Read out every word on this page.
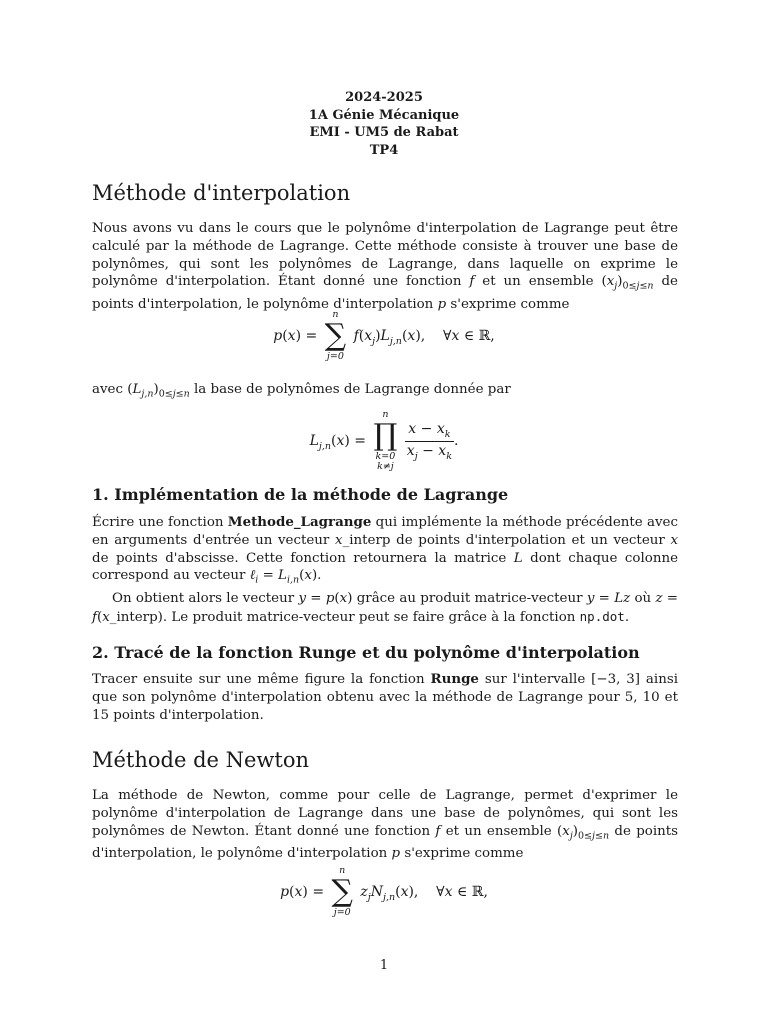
2024-2025
1A Génie Mécanique
EMI - UM5 de Rabat
TP4
Méthode d'interpolation

Nous avons vu dans le cours que le polynôme d'interpolation de Lagrange peut être calculé par la méthode de Lagrange. Cette méthode consiste à trouver une base de polynômes, qui sont les polynômes de Lagrange, dans laquelle on exprime le polynôme d'interpolation. Étant donné une fonction f et un ensemble $(x_j)_{0\le j\le n}$ de points d'interpolation, le polynôme d'interpolation p s'exprime comme

p(x) =
n
∑
j=0
$f(x_j)L_{j,n}(x)$,    ∀x ∈ ℝ,

avec $(L_{j,n})_{0\le j\le n}$ la base de polynômes de Lagrange donnée par

$L_{j,n}(x)$ =
n
∏
k=0
k≠j

$\frac{x - x_k}{x_j - x_k}$ .
1. Implémentation de la méthode de Lagrange

Écrire une fonction Methode_Lagrange qui implémente la méthode précédente avec en arguments d'entrée un vecteur x_interp de points d'interpolation et un vecteur x de points d'abscisse. Cette fonction retournera la matrice L dont chaque colonne correspond au vecteur ℓ$_i$ = $L_{i,n}(x)$.

On obtient alors le vecteur y = p(x) grâce au produit matrice-vecteur y = Lz où z = f(x_interp). Le produit matrice-vecteur peut se faire grâce à la fonction np.dot.

2. Tracé de la fonction Runge et du polynôme d'interpolation

Tracer ensuite sur une même figure la fonction Runge sur l'intervalle [−3, 3] ainsi que son polynôme d'interpolation obtenu avec la méthode de Lagrange pour 5, 10 et 15 points d'interpolation.

Méthode de Newton

La méthode de Newton, comme pour celle de Lagrange, permet d'exprimer le polynôme d'interpolation de Lagrange dans une base de polynômes, qui sont les polynômes de Newton. Étant donné une fonction f et un ensemble $(x_j)_{0\le j\le n}$ de points d'interpolation, le polynôme d'interpolation p s'exprime comme

p(x) =
n
∑
j=0
$z_jN_{j,n}(x)$,    ∀x ∈ ℝ,
1
